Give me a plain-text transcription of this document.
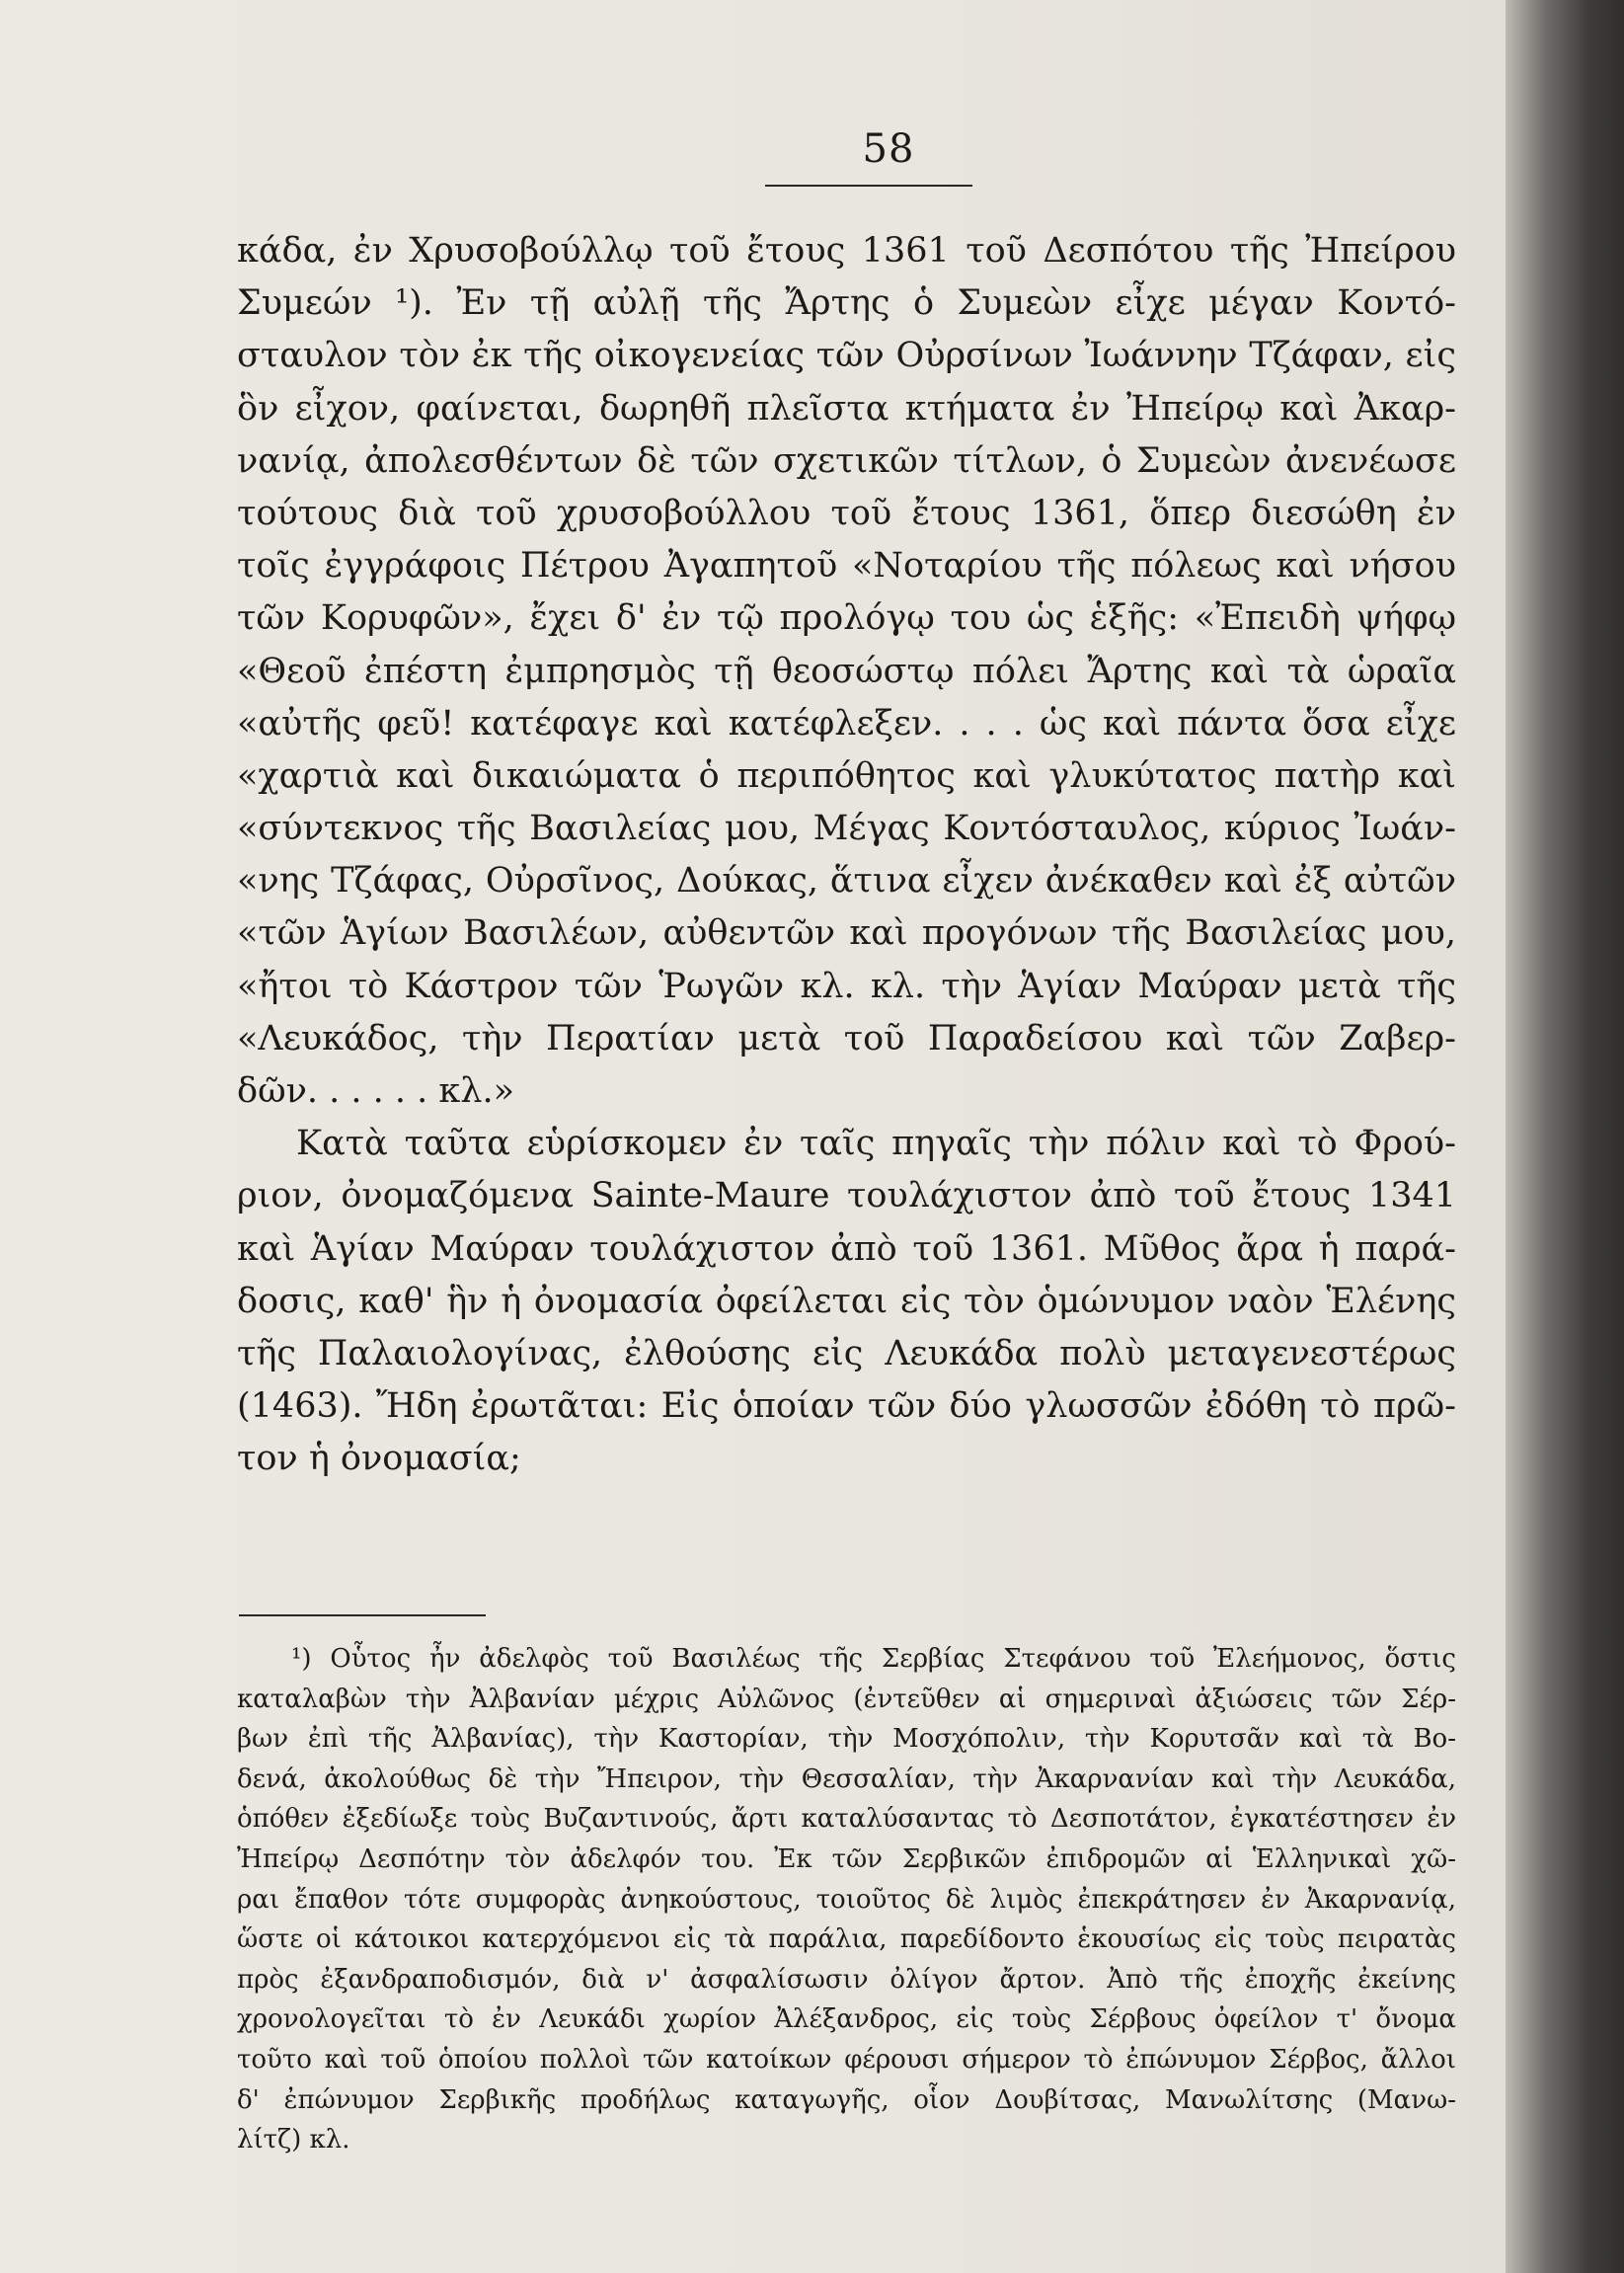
58
κάδα, ἐν Χρυσοβούλλῳ τοῦ ἔτους 1361 τοῦ Δεσπότου τῆς Ἠπείρου
Συμεών ¹). Ἐν τῇ αὐλῇ τῆς Ἄρτης ὁ Συμεὼν εἶχε μέγαν Κοντό-
σταυλον τὸν ἐκ τῆς οἰκογενείας τῶν Οὐρσίνων Ἰωάννην Τζάφαν, εἰς
ὃν εἶχον, φαίνεται, δωρηθῆ πλεῖστα κτήματα ἐν Ἠπείρῳ καὶ Ἀκαρ-
νανίᾳ, ἀπολεσθέντων δὲ τῶν σχετικῶν τίτλων, ὁ Συμεὼν ἀνενέωσε
τούτους διὰ τοῦ χρυσοβούλλου τοῦ ἔτους 1361, ὅπερ διεσώθη ἐν
τοῖς ἐγγράφοις Πέτρου Ἀγαπητοῦ «Νοταρίου τῆς πόλεως καὶ νήσου
τῶν Κορυφῶν», ἔχει δ' ἐν τῷ προλόγῳ του ὡς ἑξῆς: «Ἐπειδὴ ψήφῳ
«Θεοῦ ἐπέστη ἐμπρησμὸς τῇ θεοσώστῳ πόλει Ἄρτης καὶ τὰ ὡραῖα
«αὐτῆς φεῦ! κατέφαγε καὶ κατέφλεξεν. . . . ὡς καὶ πάντα ὅσα εἶχε
«χαρτιὰ καὶ δικαιώματα ὁ περιπόθητος καὶ γλυκύτατος πατὴρ καὶ
«σύντεκνος τῆς Βασιλείας μου, Μέγας Κοντόσταυλος, κύριος Ἰωάν-
«νης Τζάφας, Οὐρσῖνος, Δούκας, ἅτινα εἶχεν ἀνέκαθεν καὶ ἐξ αὐτῶν
«τῶν Ἁγίων Βασιλέων, αὐθεντῶν καὶ προγόνων τῆς Βασιλείας μου,
«ἤτοι τὸ Κάστρον τῶν Ῥωγῶν κλ. κλ. τὴν Ἁγίαν Μαύραν μετὰ τῆς
«Λευκάδος, τὴν Περατίαν μετὰ τοῦ Παραδείσου καὶ τῶν Ζαβερ-
δῶν. . . . . . κλ.»
Κατὰ ταῦτα εὑρίσκομεν ἐν ταῖς πηγαῖς τὴν πόλιν καὶ τὸ Φρού-
ριον, ὀνομαζόμενα Sainte-Maure τουλάχιστον ἀπὸ τοῦ ἔτους 1341
καὶ Ἁγίαν Μαύραν τουλάχιστον ἀπὸ τοῦ 1361. Μῦθος ἄρα ἡ παρά-
δοσις, καθ' ἣν ἡ ὀνομασία ὀφείλεται εἰς τὸν ὁμώνυμον ναὸν Ἑλένης
τῆς Παλαιολογίνας, ἐλθούσης εἰς Λευκάδα πολὺ μεταγενεστέρως
(1463). Ἤδη ἐρωτᾶται: Εἰς ὁποίαν τῶν δύο γλωσσῶν ἐδόθη τὸ πρῶ-
τον ἡ ὀνομασία;
¹) Οὗτος ἦν ἀδελφὸς τοῦ Βασιλέως τῆς Σερβίας Στεφάνου τοῦ Ἐλεήμονος, ὅστις
καταλαβὼν τὴν Ἀλβανίαν μέχρις Αὐλῶνος (ἐντεῦθεν αἱ σημεριναὶ ἀξιώσεις τῶν Σέρ-
βων ἐπὶ τῆς Ἀλβανίας), τὴν Καστορίαν, τὴν Μοσχόπολιν, τὴν Κορυτσᾶν καὶ τὰ Βο-
δενά, ἀκολούθως δὲ τὴν Ἤπειρον, τὴν Θεσσαλίαν, τὴν Ἀκαρνανίαν καὶ τὴν Λευκάδα,
ὁπόθεν ἐξεδίωξε τοὺς Βυζαντινούς, ἄρτι καταλύσαντας τὸ Δεσποτάτον, ἐγκατέστησεν ἐν
Ἠπείρῳ Δεσπότην τὸν ἀδελφόν του. Ἐκ τῶν Σερβικῶν ἐπιδρομῶν αἱ Ἑλληνικαὶ χῶ-
ραι ἔπαθον τότε συμφορὰς ἀνηκούστους, τοιοῦτος δὲ λιμὸς ἐπεκράτησεν ἐν Ἀκαρνανίᾳ,
ὥστε οἱ κάτοικοι κατερχόμενοι εἰς τὰ παράλια, παρεδίδοντο ἑκουσίως εἰς τοὺς πειρατὰς
πρὸς ἐξανδραποδισμόν, διὰ ν' ἀσφαλίσωσιν ὀλίγον ἄρτον. Ἀπὸ τῆς ἐποχῆς ἐκείνης
χρονολογεῖται τὸ ἐν Λευκάδι χωρίον Ἀλέξανδρος, εἰς τοὺς Σέρβους ὀφείλον τ' ὄνομα
τοῦτο καὶ τοῦ ὁποίου πολλοὶ τῶν κατοίκων φέρουσι σήμερον τὸ ἐπώνυμον Σέρβος, ἄλλοι
δ' ἐπώνυμον Σερβικῆς προδήλως καταγωγῆς, οἷον Δουβίτσας, Μανωλίτσης (Μανω-
λίτζ) κλ.
